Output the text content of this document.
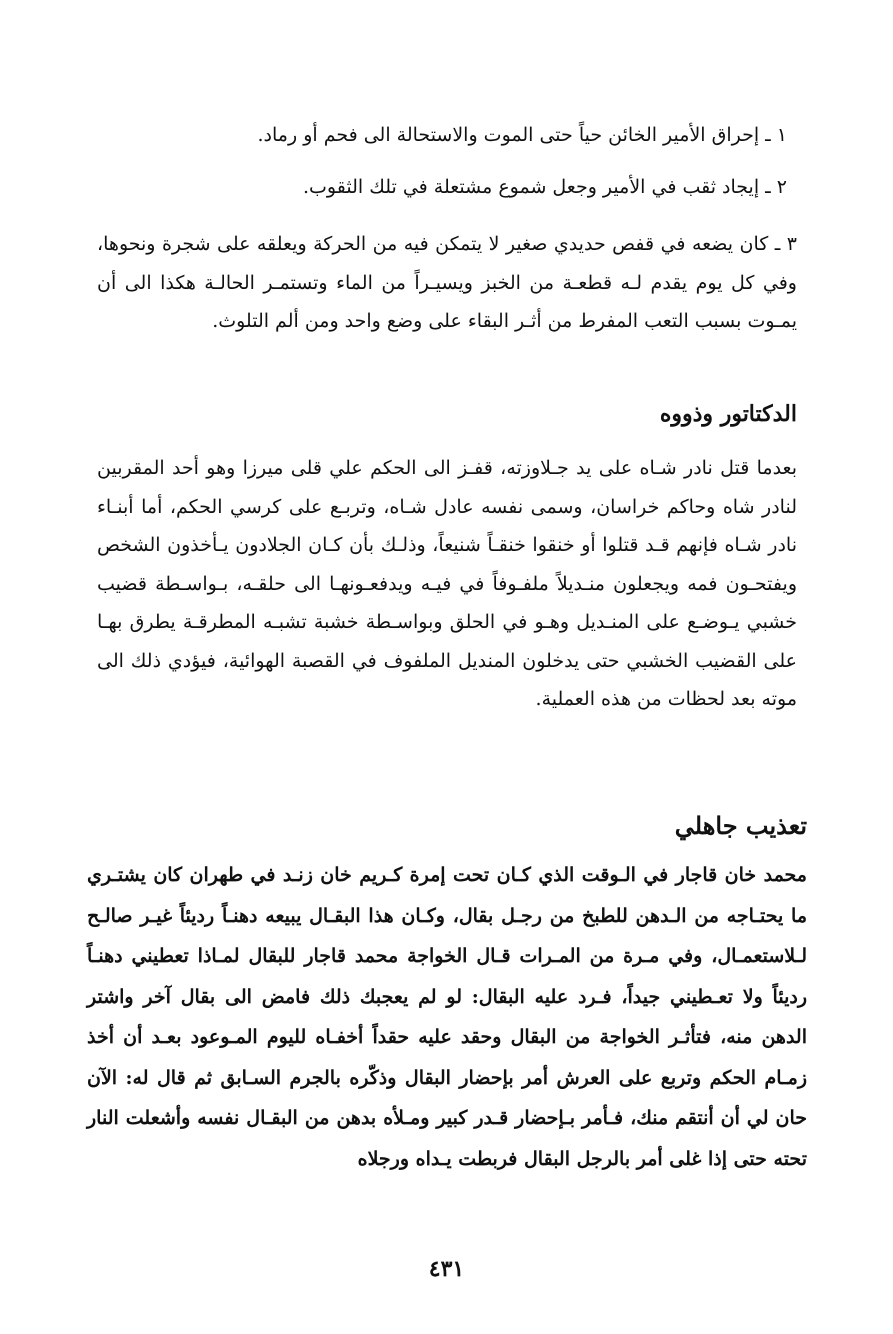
١ ـ إحراق الأمير الخائن حياً حتى الموت والاستحالة الى فحم أو رماد.
٢ ـ إيجاد ثقب في الأمير وجعل شموع مشتعلة في تلك الثقوب.
٣ ـ كان يضعه في قفص حديدي صغير لا يتمكن فيه من الحركة ويعلقه على شجرة ونحوها، وفي كل يوم يقدم لـه قطعـة من الخبز ويسيـراً من الماء وتستمـر الحالـة هكذا الى أن يمـوت بسبب التعب المفرط من أثـر البقاء على وضع واحد ومن ألم التلوث.
الدكتاتور وذووه
بعدما قتل نادر شـاه على يد جـلاوزته، قفـز الى الحكم علي قلى ميرزا وهو أحد المقربين لنادر شاه وحاكم خراسان، وسمى نفسه عادل شـاه، وتربـع على كرسي الحكم، أما أبنـاء نادر شـاه فإنهم قـد قتلوا أو خنقوا خنقـاً شنيعاً، وذلـك بأن كـان الجلادون يـأخذون الشخص ويفتحـون فمه ويجعلون منـديلاً ملفـوفاً في فيـه ويدفعـونهـا الى حلقـه، بـواسـطة قضيب خشبي يـوضـع على المنـديل وهـو في الحلق وبواسـطة خشبة تشبـه المطرقـة يطرق بهـا على القضيب الخشبي حتى يدخلون المنديل الملفوف في القصبة الهوائية، فيؤدي ذلك الى موته بعد لحظات من هذه العملية.
تعذيب جاهلي
محمد خان قاجار في الـوقت الذي كـان تحت إمرة كـريم خان زنـد في طهران كان يشتـري ما يحتـاجه من الـدهن للطبخ من رجـل بقال، وكـان هذا البقـال يبيعه دهنـاً رديئاً غيـر صالـح لـلاستعمـال، وفي مـرة من المـرات قـال الخواجة محمد قاجار للبقال لمـاذا تعطيني دهنـاً رديئاً ولا تعـطيني جيداً، فـرد عليه البقال: لو لم يعجبك ذلك فامض الى بقال آخر واشتر الدهن منه، فتأثـر الخواجة من البقال وحقد عليه حقداً أخفـاه لليوم المـوعود بعـد أن أخذ زمـام الحكم وتربع على العرش أمر بإحضار البقال وذكّره بالجرم السـابق ثم قال له: الآن حان لي أن أنتقم منك، فـأمر بـإحضار قـدر كبير ومـلأه بدهن من البقـال نفسه وأشعلت النار تحته حتى إذا غلى أمر بالرجل البقال فربطت يـداه ورجلاه
٤٣١
